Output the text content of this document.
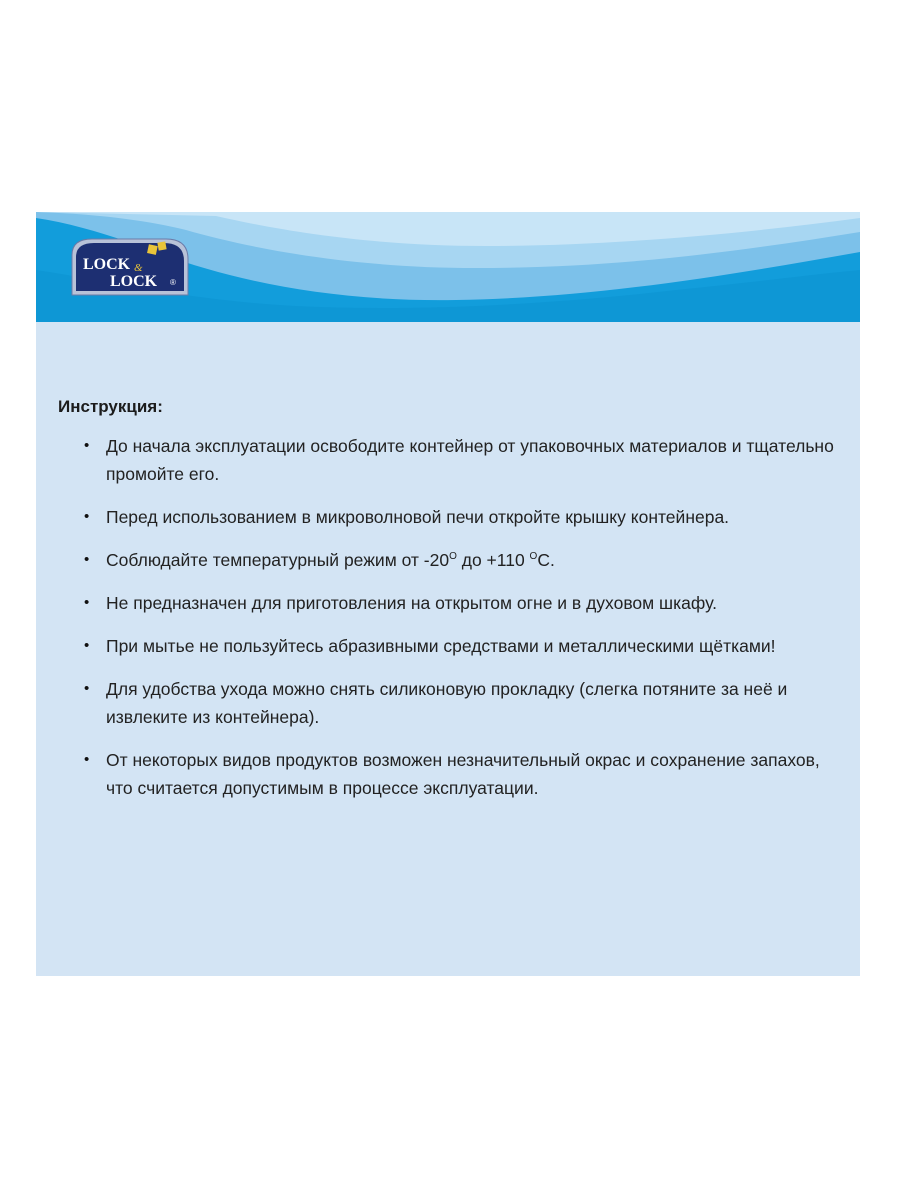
LOCK &
LOCK ®

Инструкция:

• До начала эксплуатации освободите контейнер от упаковочных материалов и тщательно промойте его.
• Перед использованием в микроволновой печи откройте крышку контейнера.
• Соблюдайте температурный режим от $-20^О$ до +110 $^О$С.
• Не предназначен для приготовления на открытом огне и в духовом шкафу.
• При мытье не пользуйтесь абразивными средствами и металлическими щётками!
• Для удобства ухода можно снять силиконовую прокладку (слегка потяните за неё и извлеките из контейнера).
• От некоторых видов продуктов возможен незначительный окрас и сохранение запахов, что считается допустимым в процессе эксплуатации.
